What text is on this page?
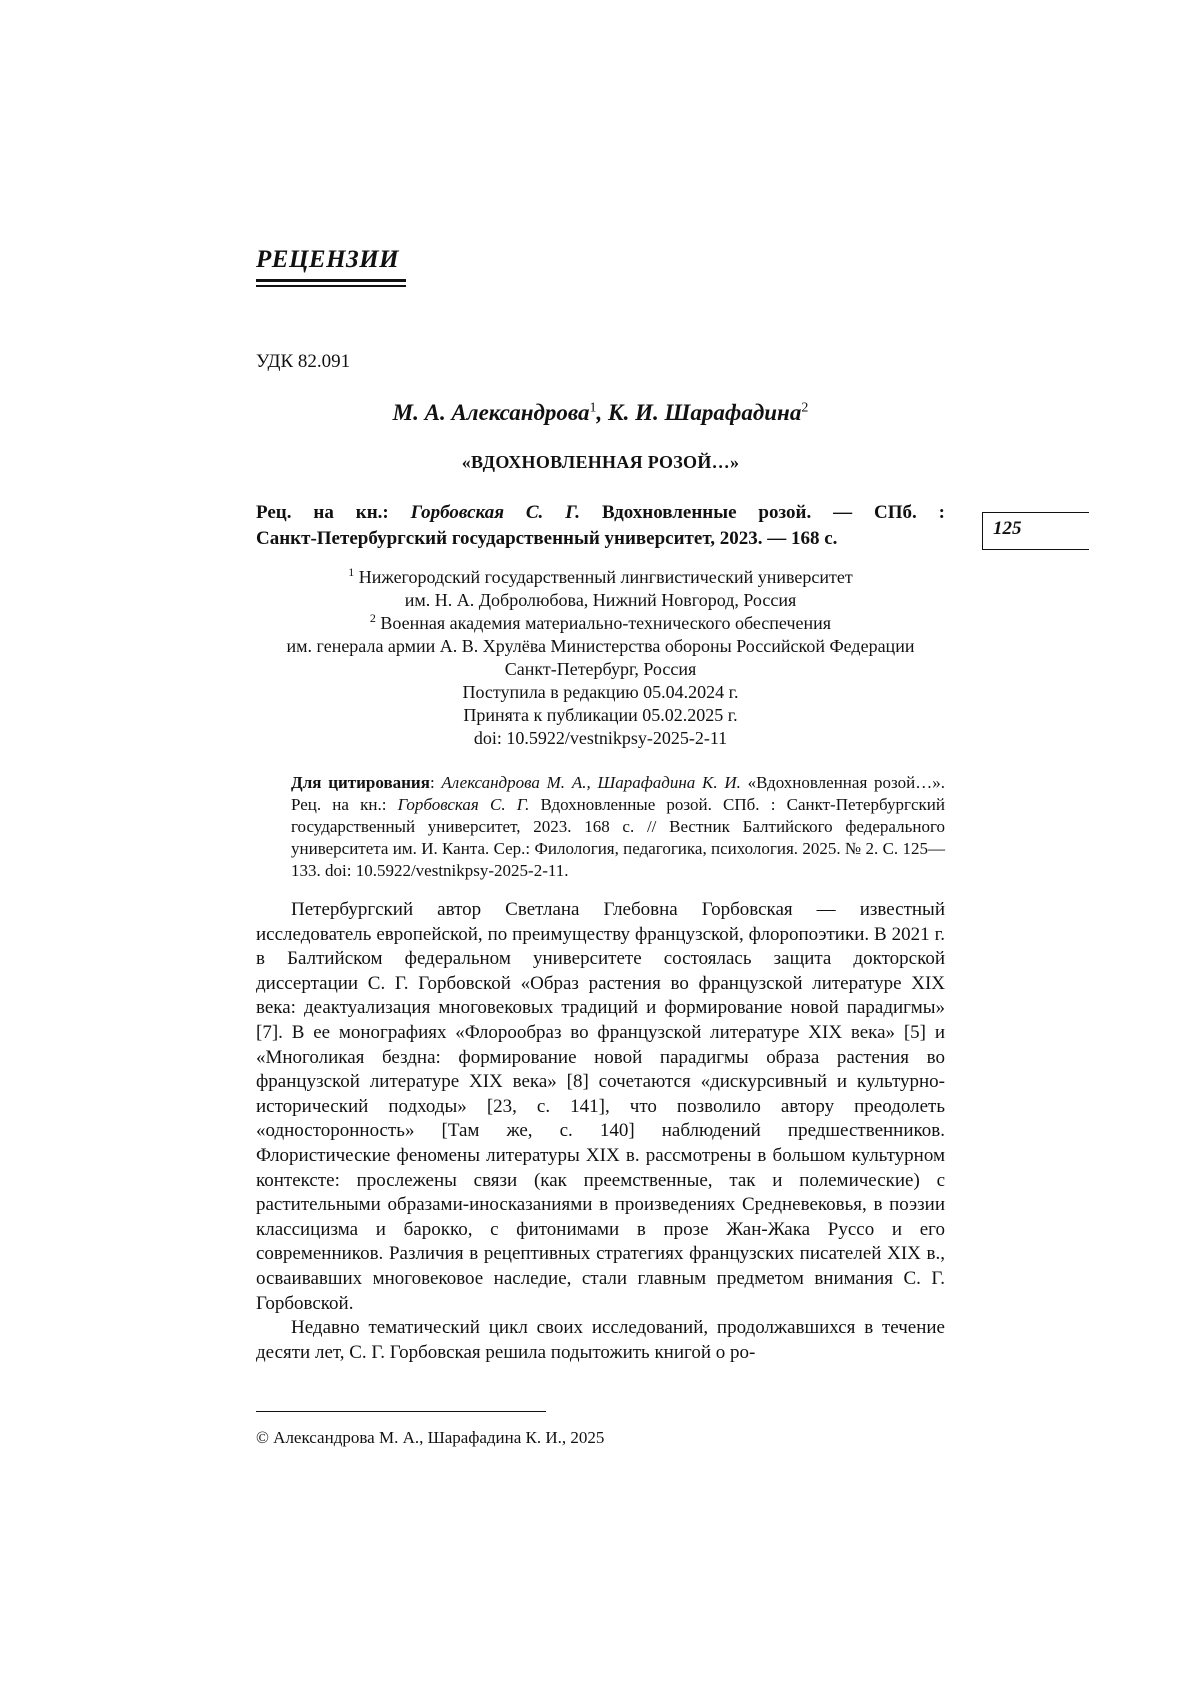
РЕЦЕНЗИИ
УДК 82.091
М. А. Александрова$^1$, К. И. Шарафадина$^2$
«ВДОХНОВЛЕННАЯ РОЗОЙ…»
Рец. на кн.: Горбовская С. Г. Вдохновленные розой. — СПб. :
Санкт-Петербургский государственный университет, 2023. — 168 с.	125
$^1$ Нижегородский государственный лингвистический университет
им. Н. А. Добролюбова, Нижний Новгород, Россия
$^2$ Военная академия материально-технического обеспечения
им. генерала армии А. В. Хрулёва Министерства обороны Российской Федерации
Санкт-Петербург, Россия
Поступила в редакцию 05.04.2024 г.
Принята к публикации 05.02.2025 г.
doi: 10.5922/vestnikpsy-2025-2-11
Для цитирования: Александрова М. А., Шарафадина К. И. «Вдохновленная розой…». Рец. на кн.: Горбовская С. Г. Вдохновленные розой. СПб. : Санкт-Петербургский государственный университет, 2023. 168 с. // Вестник Балтийского федерального университета им. И. Канта. Сер.: Филология, педагогика, психология. 2025. № 2. С. 125—133. doi: 10.5922/vestnikpsy-2025-2-11.

Петербургский автор Светлана Глебовна Горбовская — известный исследователь европейской, по преимуществу французской, флоропоэтики. В 2021 г. в Балтийском федеральном университете состоялась защита докторской диссертации С. Г. Горбовской «Образ растения во французской литературе XIX века: деактуализация многовековых традиций и формирование новой парадигмы» [7]. В ее монографиях «Флорообраз во французской литературе XIX века» [5] и «Многоликая бездна: формирование новой парадигмы образа растения во французской литературе XIX века» [8] сочетаются «дискурсивный и культурно-исторический подходы» [23, с. 141], что позволило автору преодолеть «односторонность» [Там же, с. 140] наблюдений предшественников. Флористические феномены литературы XIX в. рассмотрены в большом культурном контексте: прослежены связи (как преемственные, так и полемические) с растительными образами-иносказаниями в произведениях Средневековья, в поэзии классицизма и барокко, с фитонимами в прозе Жан-Жака Руссо и его современников. Различия в рецептивных стратегиях французских писателей XIX в., осваивавших многовековое наследие, стали главным предметом внимания С. Г. Горбовской.

Недавно тематический цикл своих исследований, продолжавшихся в течение десяти лет, С. Г. Горбовская решила подытожить книгой о ро-

© Александрова М. А., Шарафадина К. И., 2025
